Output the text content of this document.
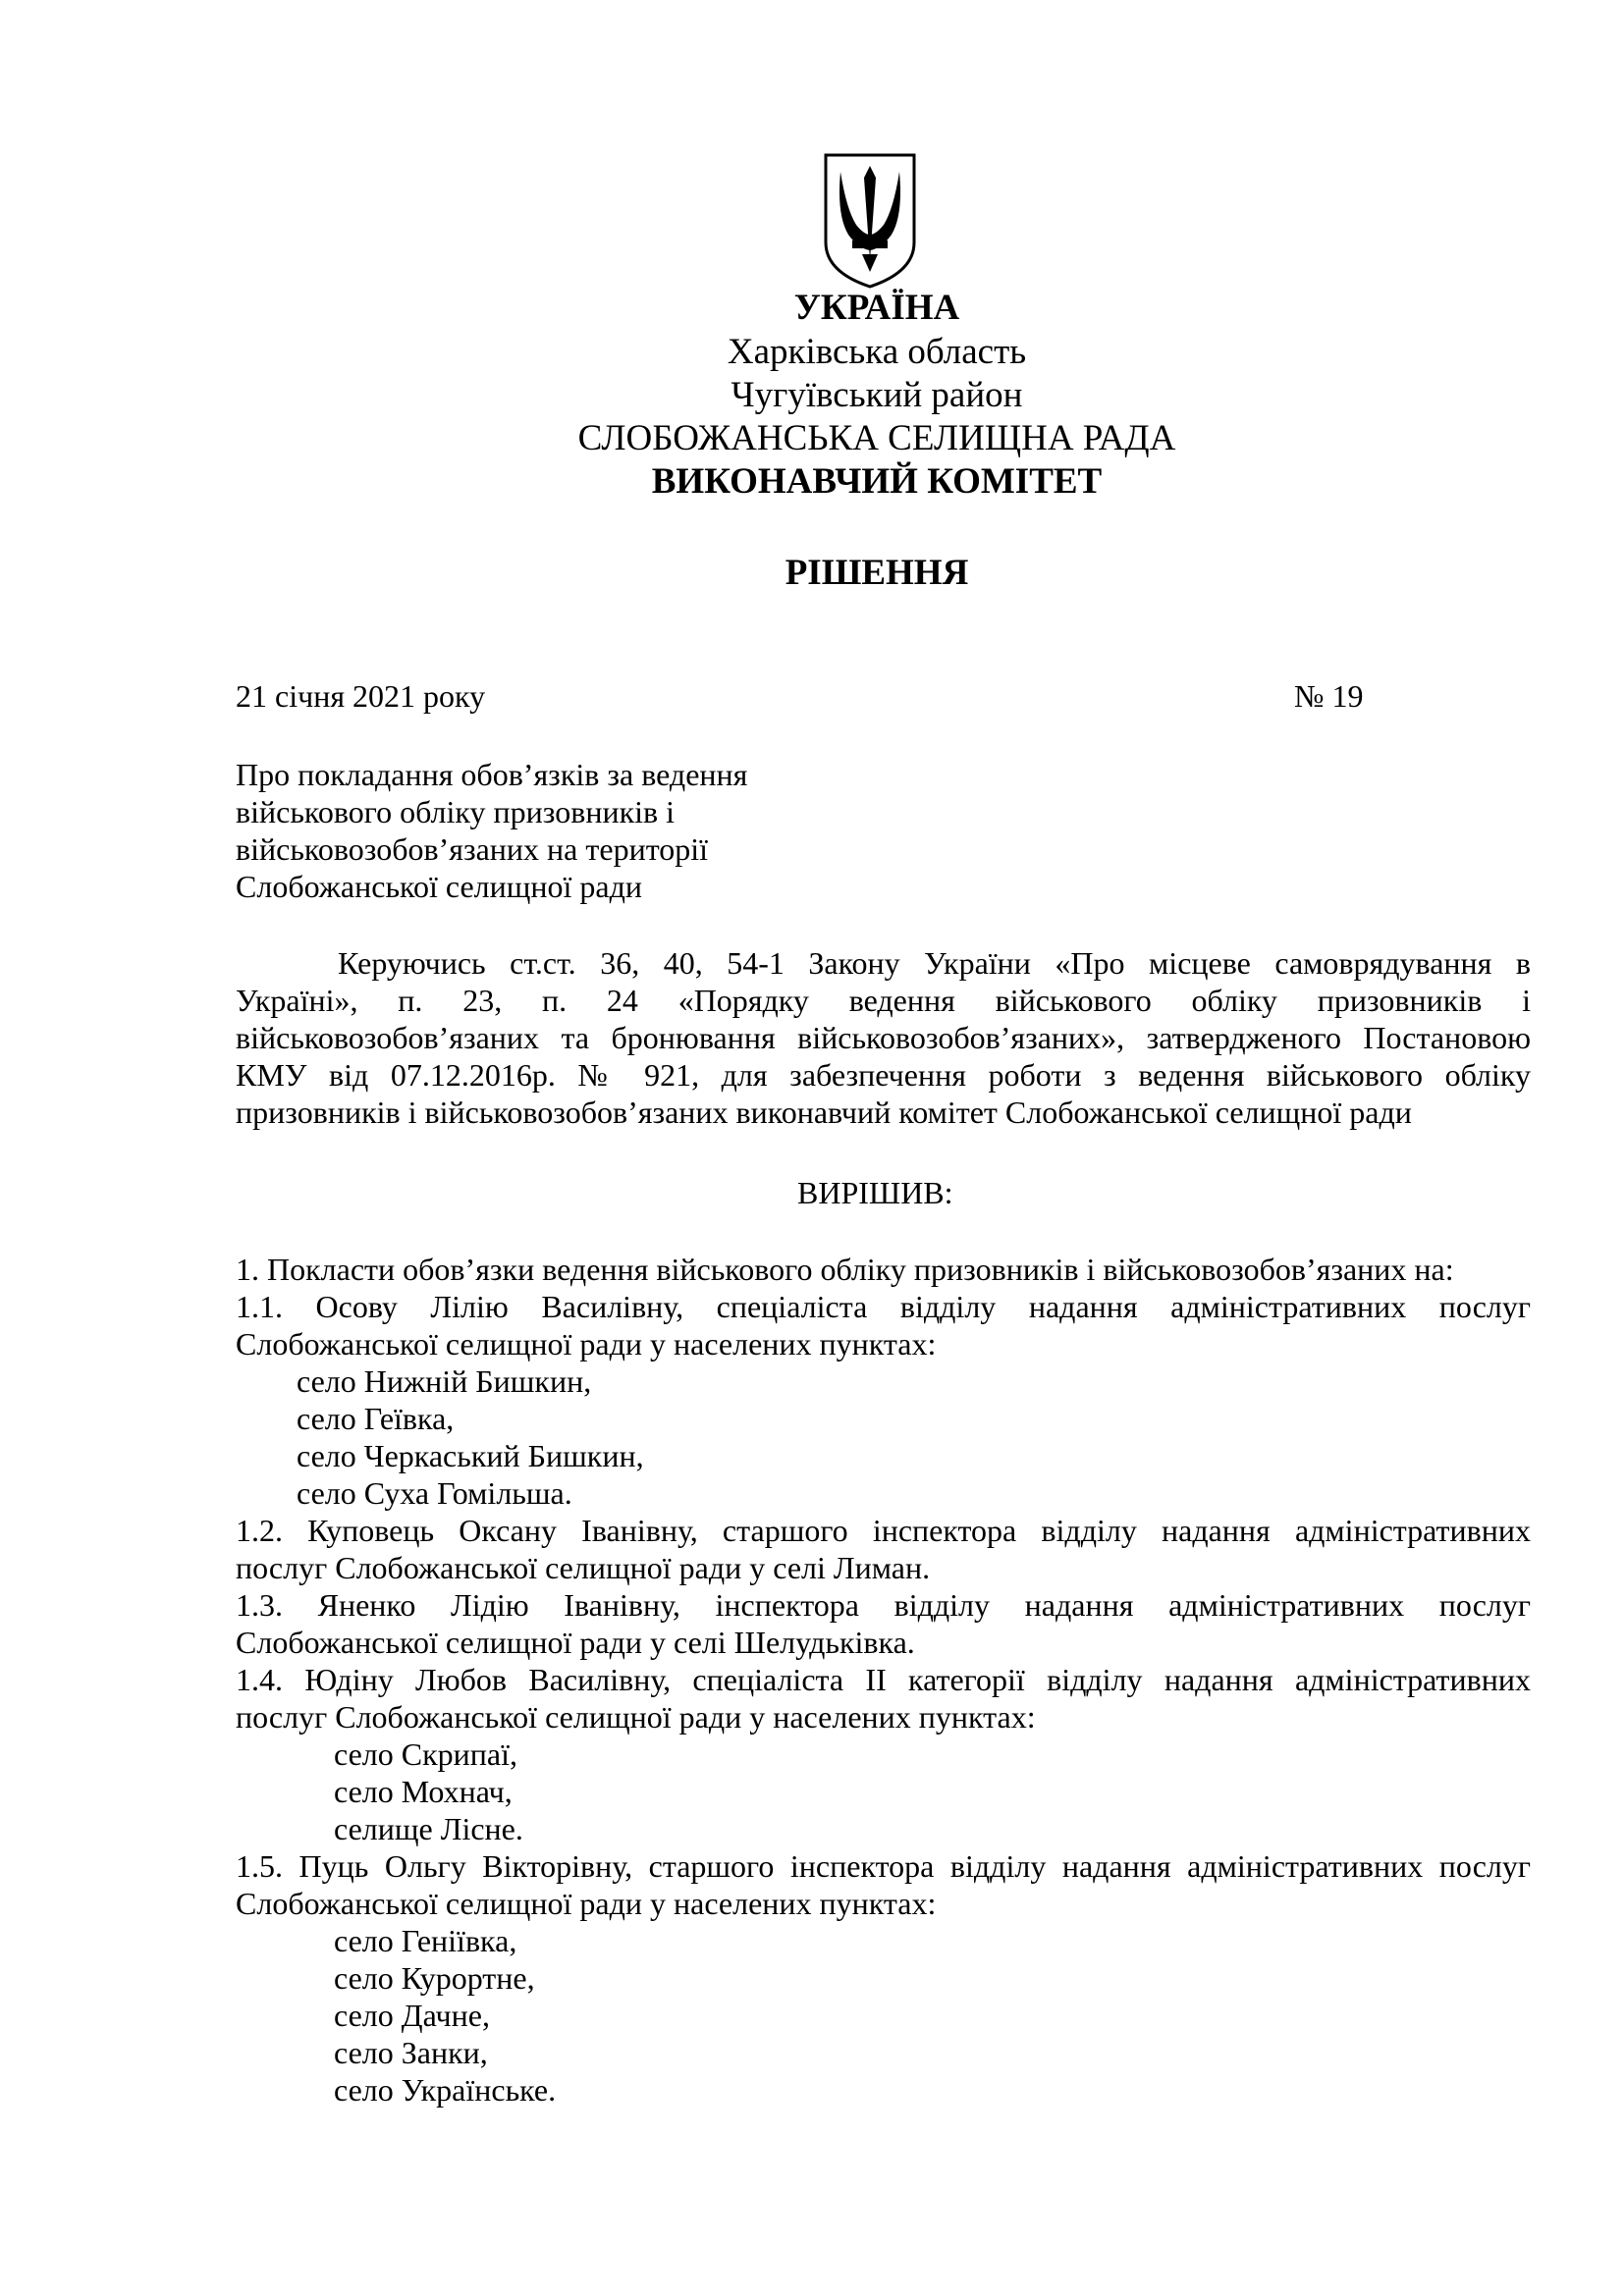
УКРАЇНА
Харківська область
Чугуївський район
СЛОБОЖАНСЬКА СЕЛИЩНА РАДА
ВИКОНАВЧИЙ КОМІТЕТ
РІШЕННЯ
21 січня 2021 року	№ 19
Про покладання обов’язків за ведення
військового обліку призовників і
військовозобов’язаних на території
Слобожанської селищної ради
Керуючись ст.ст. 36, 40, 54-1 Закону України «Про місцеве самоврядування в
Україні», п. 23, п. 24 «Порядку ведення військового обліку призовників і
військовозобов’язаних та бронювання військовозобов’язаних», затвердженого Постановою
КМУ від 07.12.2016р. № 921, для забезпечення роботи з ведення військового обліку
призовників і військовозобов’язаних виконавчий комітет Слобожанської селищної ради
ВИРІШИВ:
1. Покласти обов’язки ведення військового обліку призовників і військовозобов’язаних на:
1.1. Осову Лілію Василівну, спеціаліста відділу надання адміністративних послуг
Слобожанської селищної ради у населених пунктах:
село Нижній Бишкин,
село Геївка,
село Черкаський Бишкин,
село Суха Гомільша.
1.2. Куповець Оксану Іванівну, старшого інспектора відділу надання адміністративних
послуг Слобожанської селищної ради у селі Лиман.
1.3. Яненко Лідію Іванівну, інспектора відділу надання адміністративних послуг
Слобожанської селищної ради у селі Шелудьківка.
1.4. Юдіну Любов Василівну, спеціаліста ІІ категорії відділу надання адміністративних
послуг Слобожанської селищної ради у населених пунктах:
село Скрипаї,
село Мохнач,
селище Лісне.
1.5. Пуць Ольгу Вікторівну, старшого інспектора відділу надання адміністративних послуг
Слобожанської селищної ради у населених пунктах:
село Геніївка,
село Курортне,
село Дачне,
село Занки,
село Українське.
